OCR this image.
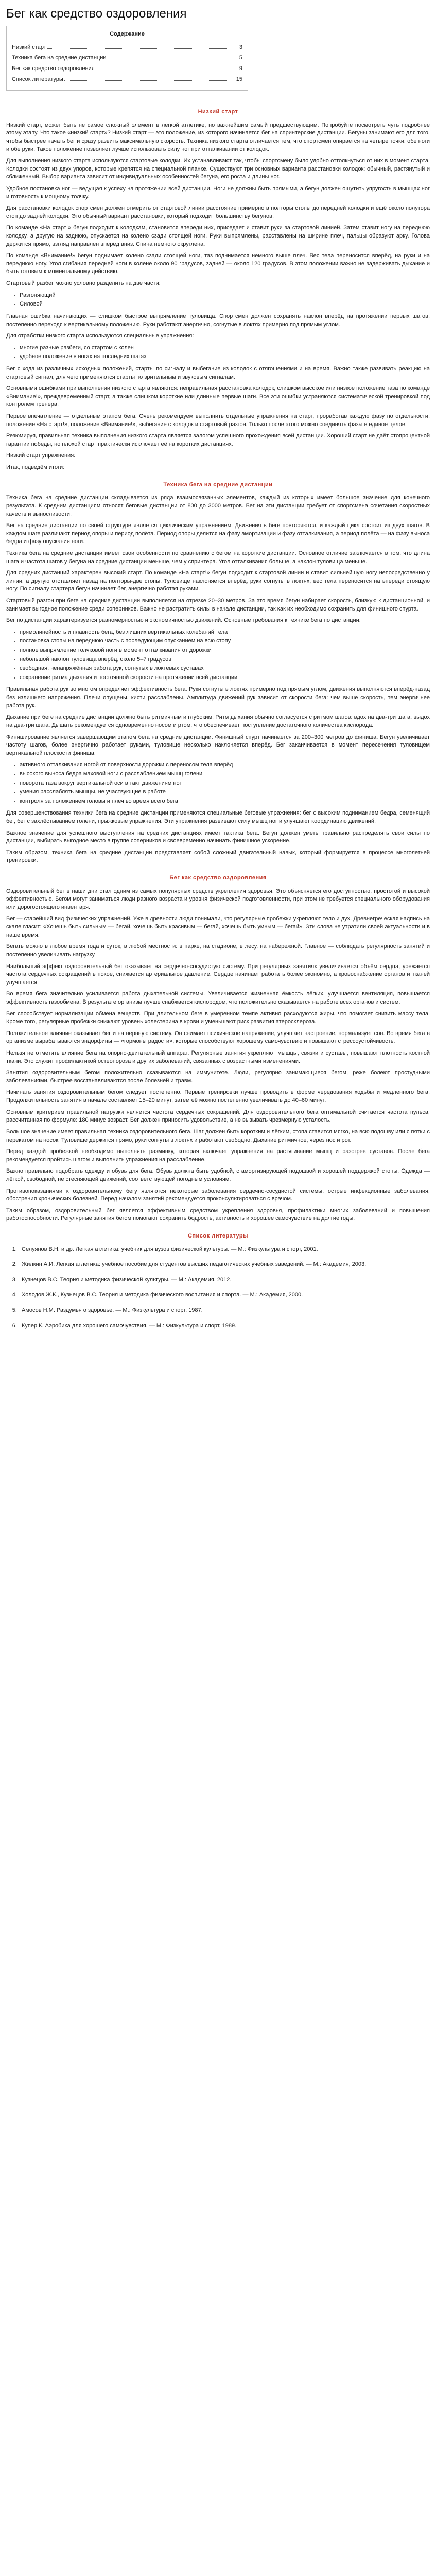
Бег как средство оздоровления
Содержание
Низкий старт	3
Техника бега на средние дистанции	5
Бег как средство оздоровления	9
Список литературы	15
Низкий старт

Низкий старт, может быть не самое сложный элемент в легкой атлетике, но важнейшим самый предшествующим. Попробуйте посмотреть чуть подробнее этому этапу. Что такое «низкий старт»? Низкий старт — это положение, из которого начинается бег на спринтерские дистанции. Бегуны занимают его для того, чтобы быстрее начать бег и сразу развить максимальную скорость. Техника низкого старта отличается тем, что спортсмен опирается на четыре точки: обе ноги и обе руки. Такое положение позволяет лучше использовать силу ног при отталкивании от колодок.

Для выполнения низкого старта используются стартовые колодки. Их устанавливают так, чтобы спортсмену было удобно оттолкнуться от них в момент старта. Колодки состоят из двух упоров, которые крепятся на специальной планке. Существуют три основных варианта расстановки колодок: обычный, растянутый и сближенный. Выбор варианта зависит от индивидуальных особенностей бегуна, его роста и длины ног.

Удобное постановка ног — ведущая к успеху на протяжении всей дистанции. Ноги не должны быть прямыми, а бегун должен ощутить упругость в мышцах ног и готовность к мощному толчку.

Для расстановки колодок спортсмен должен отмерить от стартовой линии расстояние примерно в полторы стопы до передней колодки и ещё около полутора стоп до задней колодки. Это обычный вариант расстановки, который подходит большинству бегунов.

По команде «На старт!» бегун подходит к колодкам, становится впереди них, приседает и ставит руки за стартовой линией. Затем ставит ногу на переднюю колодку, а другую на заднюю, опускается на колено сзади стоящей ноги. Руки выпрямлены, расставлены на ширине плеч, пальцы образуют арку. Голова держится прямо, взгляд направлен вперёд вниз. Спина немного округлена.

По команде «Внимание!» бегун поднимает колено сзади стоящей ноги, таз поднимается немного выше плеч. Вес тела переносится вперёд, на руки и на переднюю ногу. Угол сгибания передней ноги в колене около 90 градусов, задней — около 120 градусов. В этом положении важно не задерживать дыхание и быть готовым к моментальному действию.

Стартовый разбег можно условно разделить на две части:

• Разгоняющий
• Силовой

Главная ошибка начинающих — слишком быстрое выпрямление туловища. Спортсмен должен сохранять наклон вперёд на протяжении первых шагов, постепенно переходя к вертикальному положению. Руки работают энергично, согнутые в локтях примерно под прямым углом.

Для отработки низкого старта используются специальные упражнения:

• многие разные разбеги, со стартом с колен
• удобное положение в ногах на последних шагах

Бег с хода из различных исходных положений, старты по сигналу и выбегание из колодок с отягощениями и на время. Важно также развивать реакцию на стартовый сигнал, для чего применяются старты по зрительным и звуковым сигналам.

Основными ошибками при выполнении низкого старта являются: неправильная расстановка колодок, слишком высокое или низкое положение таза по команде «Внимание!», преждевременный старт, а также слишком короткие или длинные первые шаги. Все эти ошибки устраняются систематической тренировкой под контролем тренера.

Первое впечатление — отдельным этапом бега. Очень рекомендуем выполнить отдельные упражнения на старт, проработав каждую фазу по отдельности: положение «На старт!», положение «Внимание!», выбегание с колодок и стартовый разгон. Только после этого можно соединять фазы в единое целое.

Резюмируя, правильная техника выполнения низкого старта является залогом успешного прохождения всей дистанции. Хороший старт не даёт стопроцентной гарантии победы, но плохой старт практически исключает её на коротких дистанциях.

Низкий старт упражнения:

Итак, подведём итоги:

Техника бега на средние дистанции

Техника бега на средние дистанции складывается из ряда взаимосвязанных элементов, каждый из которых имеет большое значение для конечного результата. К средним дистанциям относят беговые дистанции от 800 до 3000 метров. Бег на эти дистанции требует от спортсмена сочетания скоростных качеств и выносливости.

Бег на средние дистанции по своей структуре является циклическим упражнением. Движения в беге повторяются, и каждый цикл состоит из двух шагов. В каждом шаге различают период опоры и период полёта. Период опоры делится на фазу амортизации и фазу отталкивания, а период полёта — на фазу выноса бедра и фазу опускания ноги.

Техника бега на средние дистанции имеет свои особенности по сравнению с бегом на короткие дистанции. Основное отличие заключается в том, что длина шага и частота шагов у бегуна на средние дистанции меньше, чем у спринтера. Угол отталкивания больше, а наклон туловища меньше.

Для средних дистанций характерен высокий старт. По команде «На старт!» бегун подходит к стартовой линии и ставит сильнейшую ногу непосредственно у линии, а другую отставляет назад на полторы-две стопы. Туловище наклоняется вперёд, руки согнуты в локтях, вес тела переносится на впереди стоящую ногу. По сигналу стартера бегун начинает бег, энергично работая руками.

Стартовый разгон при беге на средние дистанции выполняется на отрезке 20–30 метров. За это время бегун набирает скорость, близкую к дистанционной, и занимает выгодное положение среди соперников. Важно не растратить силы в начале дистанции, так как их необходимо сохранить для финишного спурта.

Бег по дистанции характеризуется равномерностью и экономичностью движений. Основные требования к технике бега по дистанции:

• прямолинейность и плавность бега, без лишних вертикальных колебаний тела
• постановка стопы на переднюю часть с последующим опусканием на всю стопу
• полное выпрямление толчковой ноги в момент отталкивания от дорожки
• небольшой наклон туловища вперёд, около 5–7 градусов
• свободная, ненапряжённая работа рук, согнутых в локтевых суставах
• сохранение ритма дыхания и постоянной скорости на протяжении всей дистанции

Правильная работа рук во многом определяет эффективность бега. Руки согнуты в локтях примерно под прямым углом, движения выполняются вперёд-назад без излишнего напряжения. Плечи опущены, кисти расслаблены. Амплитуда движений рук зависит от скорости бега: чем выше скорость, тем энергичнее работа рук.

Дыхание при беге на средние дистанции должно быть ритмичным и глубоким. Ритм дыхания обычно согласуется с ритмом шагов: вдох на два-три шага, выдох на два-три шага. Дышать рекомендуется одновременно носом и ртом, что обеспечивает поступление достаточного количества кислорода.

Финиширование является завершающим этапом бега на средние дистанции. Финишный спурт начинается за 200–300 метров до финиша. Бегун увеличивает частоту шагов, более энергично работает руками, туловище несколько наклоняется вперёд. Бег заканчивается в момент пересечения туловищем вертикальной плоскости финиша.

• активного отталкивания ногой от поверхности дорожки с переносом тела вперёд
• высокого выноса бедра маховой ноги с расслаблением мышц голени
• поворота таза вокруг вертикальной оси в такт движениям ног
• умения расслаблять мышцы, не участвующие в работе
• контроля за положением головы и плеч во время всего бега

Для совершенствования техники бега на средние дистанции применяются специальные беговые упражнения: бег с высоким подниманием бедра, семенящий бег, бег с захлёстыванием голени, прыжковые упражнения. Эти упражнения развивают силу мышц ног и улучшают координацию движений.

Важное значение для успешного выступления на средних дистанциях имеет тактика бега. Бегун должен уметь правильно распределять свои силы по дистанции, выбирать выгодное место в группе соперников и своевременно начинать финишное ускорение.

Таким образом, техника бега на средние дистанции представляет собой сложный двигательный навык, который формируется в процессе многолетней тренировки.

Бег как средство оздоровления

Оздоровительный бег в наши дни стал одним из самых популярных средств укрепления здоровья. Это объясняется его доступностью, простотой и высокой эффективностью. Бегом могут заниматься люди разного возраста и уровня физической подготовленности, при этом не требуется специального оборудования или дорогостоящего инвентаря.

Бег — старейший вид физических упражнений. Уже в древности люди понимали, что регулярные пробежки укрепляют тело и дух. Древнегреческая надпись на скале гласит: «Хочешь быть сильным — бегай, хочешь быть красивым — бегай, хочешь быть умным — бегай». Эти слова не утратили своей актуальности и в наше время.

Бегать можно в любое время года и суток, в любой местности: в парке, на стадионе, в лесу, на набережной. Главное — соблюдать регулярность занятий и постепенно увеличивать нагрузку.

Наибольший эффект оздоровительный бег оказывает на сердечно-сосудистую систему. При регулярных занятиях увеличивается объём сердца, урежается частота сердечных сокращений в покое, снижается артериальное давление. Сердце начинает работать более экономно, а кровоснабжение органов и тканей улучшается.

Во время бега значительно усиливается работа дыхательной системы. Увеличивается жизненная ёмкость лёгких, улучшается вентиляция, повышается эффективность газообмена. В результате организм лучше снабжается кислородом, что положительно сказывается на работе всех органов и систем.

Бег способствует нормализации обмена веществ. При длительном беге в умеренном темпе активно расходуются жиры, что помогает снизить массу тела. Кроме того, регулярные пробежки снижают уровень холестерина в крови и уменьшают риск развития атеросклероза.

Положительное влияние оказывает бег и на нервную систему. Он снимает психическое напряжение, улучшает настроение, нормализует сон. Во время бега в организме вырабатываются эндорфины — «гормоны радости», которые способствуют хорошему самочувствию и повышают стрессоустойчивость.

Нельзя не отметить влияние бега на опорно-двигательный аппарат. Регулярные занятия укрепляют мышцы, связки и суставы, повышают плотность костной ткани. Это служит профилактикой остеопороза и других заболеваний, связанных с возрастными изменениями.

Занятия оздоровительным бегом положительно сказываются на иммунитете. Люди, регулярно занимающиеся бегом, реже болеют простудными заболеваниями, быстрее восстанавливаются после болезней и травм.

Начинать занятия оздоровительным бегом следует постепенно. Первые тренировки лучше проводить в форме чередования ходьбы и медленного бега. Продолжительность занятия в начале составляет 15–20 минут, затем её можно постепенно увеличивать до 40–60 минут.

Основным критерием правильной нагрузки является частота сердечных сокращений. Для оздоровительного бега оптимальной считается частота пульса, рассчитанная по формуле: 180 минус возраст. Бег должен приносить удовольствие, а не вызывать чрезмерную усталость.

Большое значение имеет правильная техника оздоровительного бега. Шаг должен быть коротким и лёгким, стопа ставится мягко, на всю подошву или с пятки с перекатом на носок. Туловище держится прямо, руки согнуты в локтях и работают свободно. Дыхание ритмичное, через нос и рот.

Перед каждой пробежкой необходимо выполнять разминку, которая включает упражнения на растягивание мышц и разогрев суставов. После бега рекомендуется пройтись шагом и выполнить упражнения на расслабление.

Важно правильно подобрать одежду и обувь для бега. Обувь должна быть удобной, с амортизирующей подошвой и хорошей поддержкой стопы. Одежда — лёгкой, свободной, не стесняющей движений, соответствующей погодным условиям.

Противопоказаниями к оздоровительному бегу являются некоторые заболевания сердечно-сосудистой системы, острые инфекционные заболевания, обострения хронических болезней. Перед началом занятий рекомендуется проконсультироваться с врачом.

Таким образом, оздоровительный бег является эффективным средством укрепления здоровья, профилактики многих заболеваний и повышения работоспособности. Регулярные занятия бегом помогают сохранить бодрость, активность и хорошее самочувствие на долгие годы.

Список литературы
1. Селуянов В.Н. и др. Легкая атлетика: учебник для вузов физической культуры. — М.: Физкультура и спорт, 2001.
2. Жилкин А.И. Легкая атлетика: учебное пособие для студентов высших педагогических учебных заведений. — М.: Академия, 2003.
3. Кузнецов В.С. Теория и методика физической культуры. — М.: Академия, 2012.
4. Холодов Ж.К., Кузнецов В.С. Теория и методика физического воспитания и спорта. — М.: Академия, 2000.
5. Амосов Н.М. Раздумья о здоровье. — М.: Физкультура и спорт, 1987.
6. Купер К. Аэробика для хорошего самочувствия. — М.: Физкультура и спорт, 1989.
